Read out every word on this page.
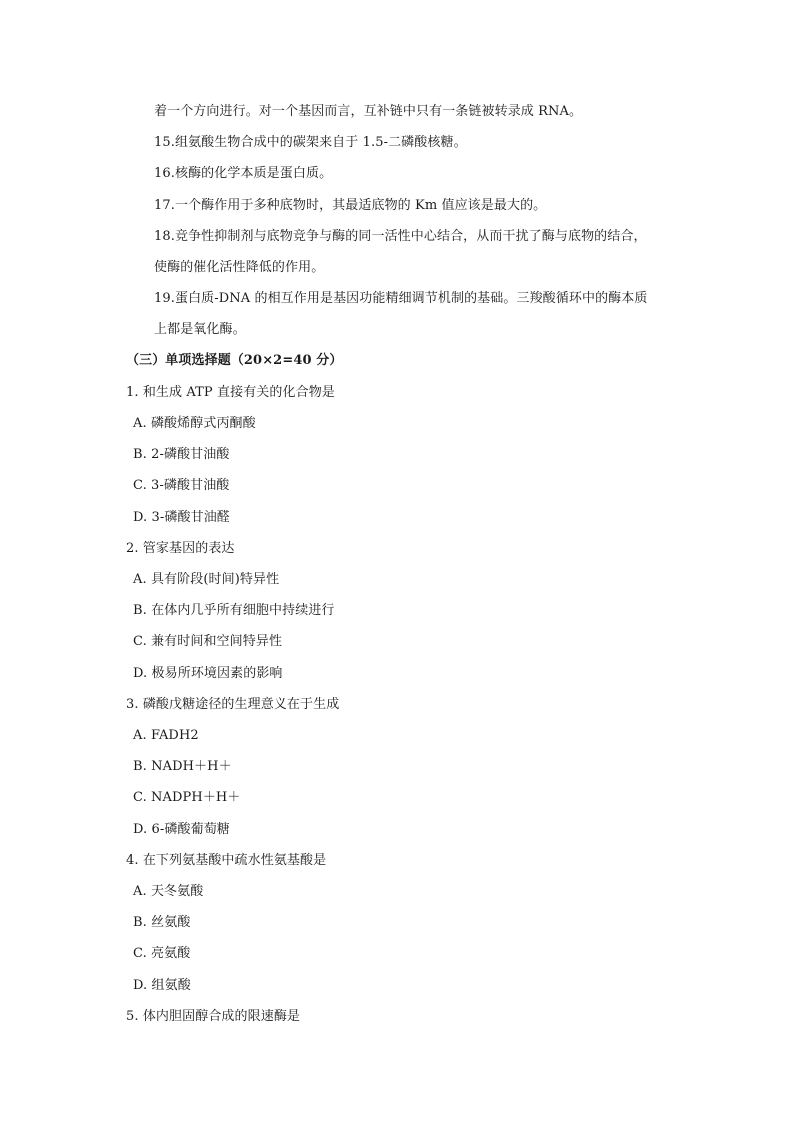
着一个方向进行。对一个基因而言，互补链中只有一条链被转录成 RNA。
15.组氨酸生物合成中的碳架来自于 1.5-二磷酸核糖。
16.核酶的化学本质是蛋白质。
17.一个酶作用于多种底物时，其最适底物的 Km 值应该是最大的。
18.竞争性抑制剂与底物竞争与酶的同一活性中心结合，从而干扰了酶与底物的结合，
使酶的催化活性降低的作用。
19.蛋白质-DNA 的相互作用是基因功能精细调节机制的基础。三羧酸循环中的酶本质
上都是氧化酶。
（三）单项选择题（20×2=40 分）
1. 和生成 ATP 直接有关的化合物是
A. 磷酸烯醇式丙酮酸
B. 2-磷酸甘油酸
C. 3-磷酸甘油酸
D. 3-磷酸甘油醛
2. 管家基因的表达
A. 具有阶段(时间)特异性
B. 在体内几乎所有细胞中持续进行
C. 兼有时间和空间特异性
D. 极易所环境因素的影响
3. 磷酸戊糖途径的生理意义在于生成
A. FADH2
B. NADH＋H＋
C. NADPH＋H＋
D. 6-磷酸葡萄糖
4. 在下列氨基酸中疏水性氨基酸是
A. 天冬氨酸
B. 丝氨酸
C. 亮氨酸
D. 组氨酸
5. 体内胆固醇合成的限速酶是
